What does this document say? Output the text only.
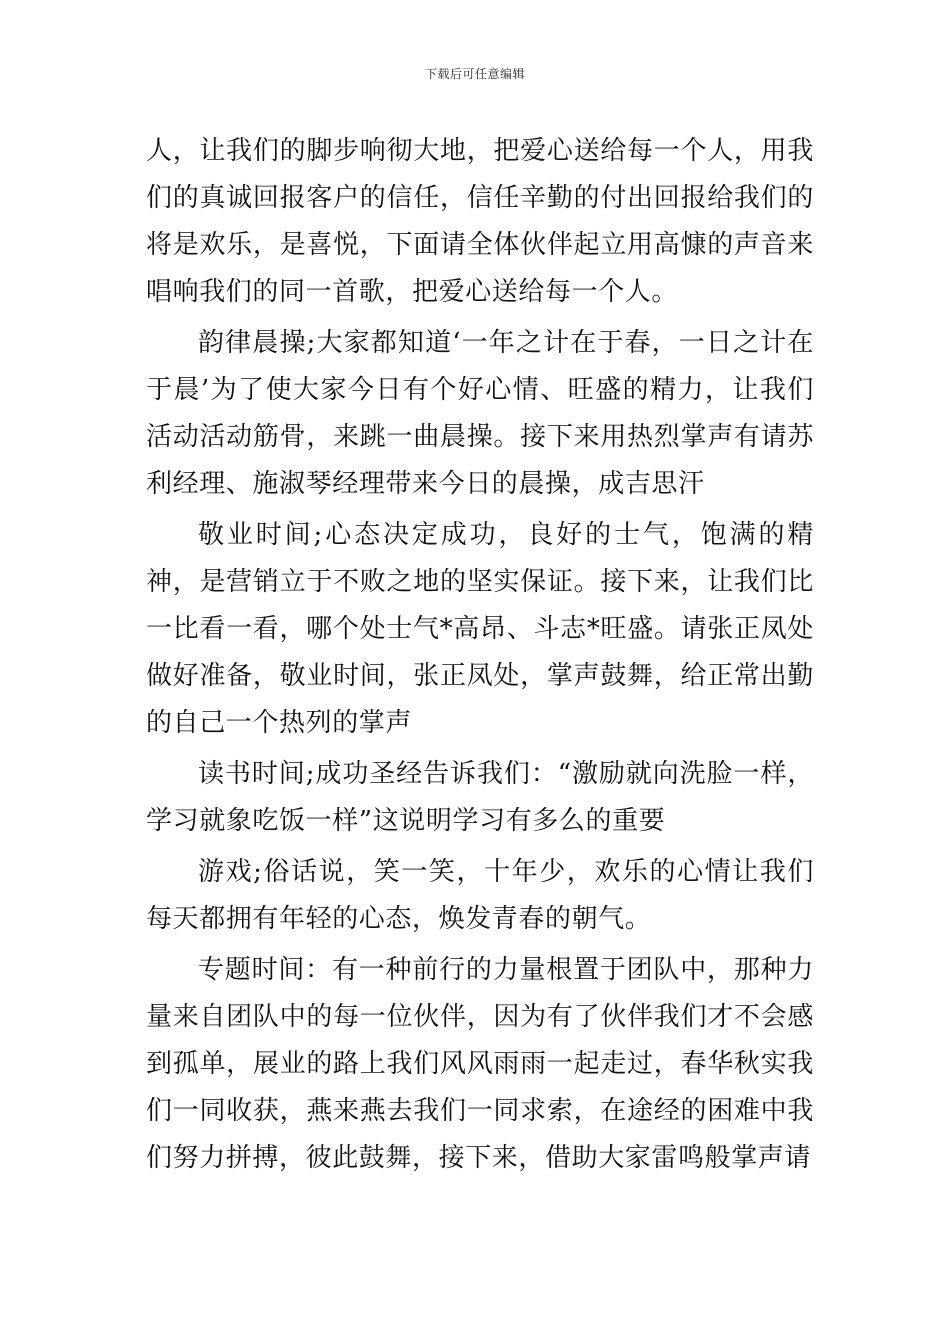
下载后可任意编辑

人，让我们的脚步响彻大地，把爱心送给每一个人，用我们的真诚回报客户的信任，信任辛勤的付出回报给我们的将是欢乐，是喜悦，下面请全体伙伴起立用高慷的声音来唱响我们的同一首歌，把爱心送给每一个人。

韵律晨操;大家都知道‘一年之计在于春，一日之计在于晨’为了使大家今日有个好心情、旺盛的精力，让我们活动活动筋骨，来跳一曲晨操。接下来用热烈掌声有请苏利经理、施淑琴经理带来今日的晨操，成吉思汗

敬业时间;心态决定成功，良好的士气，饱满的精神，是营销立于不败之地的坚实保证。接下来，让我们比一比看一看，哪个处士气*高昂、斗志*旺盛。请张正凤处做好准备，敬业时间，张正凤处，掌声鼓舞，给正常出勤的自己一个热列的掌声

读书时间;成功圣经告诉我们：“激励就向洗脸一样，学习就象吃饭一样”这说明学习有多么的重要

游戏;俗话说，笑一笑，十年少，欢乐的心情让我们每天都拥有年轻的心态，焕发青春的朝气。

专题时间：有一种前行的力量根置于团队中，那种力量来自团队中的每一位伙伴，因为有了伙伴我们才不会感到孤单，展业的路上我们风风雨雨一起走过，春华秋实我们一同收获，燕来燕去我们一同求索，在途经的困难中我们努力拼搏，彼此鼓舞，接下来，借助大家雷鸣般掌声请
